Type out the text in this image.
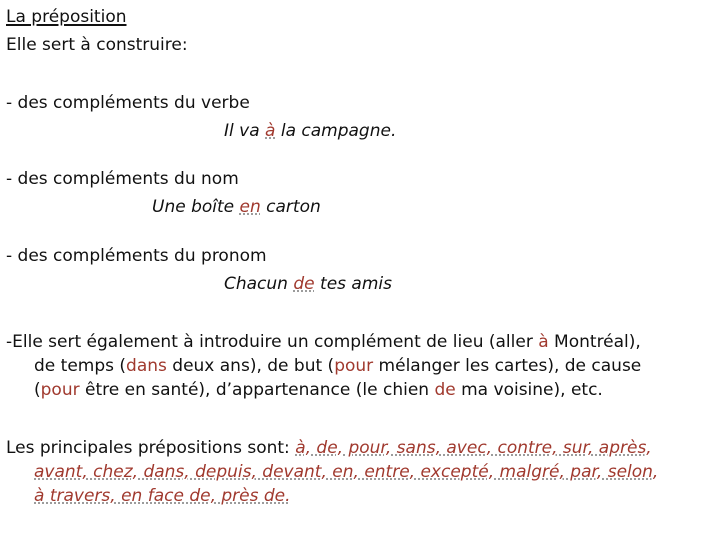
La préposition
Elle sert à construire:
- des compléments du verbe
Il va à la campagne.
- des compléments du nom
Une boîte en carton
- des compléments du pronom
Chacun de tes amis
-Elle sert également à introduire un complément de lieu (aller à Montréal),
de temps (dans deux ans), de but (pour mélanger les cartes), de cause
(pour être en santé), d’appartenance (le chien de ma voisine), etc.
Les principales prépositions sont: à, de, pour, sans, avec, contre, sur, après,
avant, chez, dans, depuis, devant, en, entre, excepté, malgré, par, selon,
à travers, en face de, près de.
